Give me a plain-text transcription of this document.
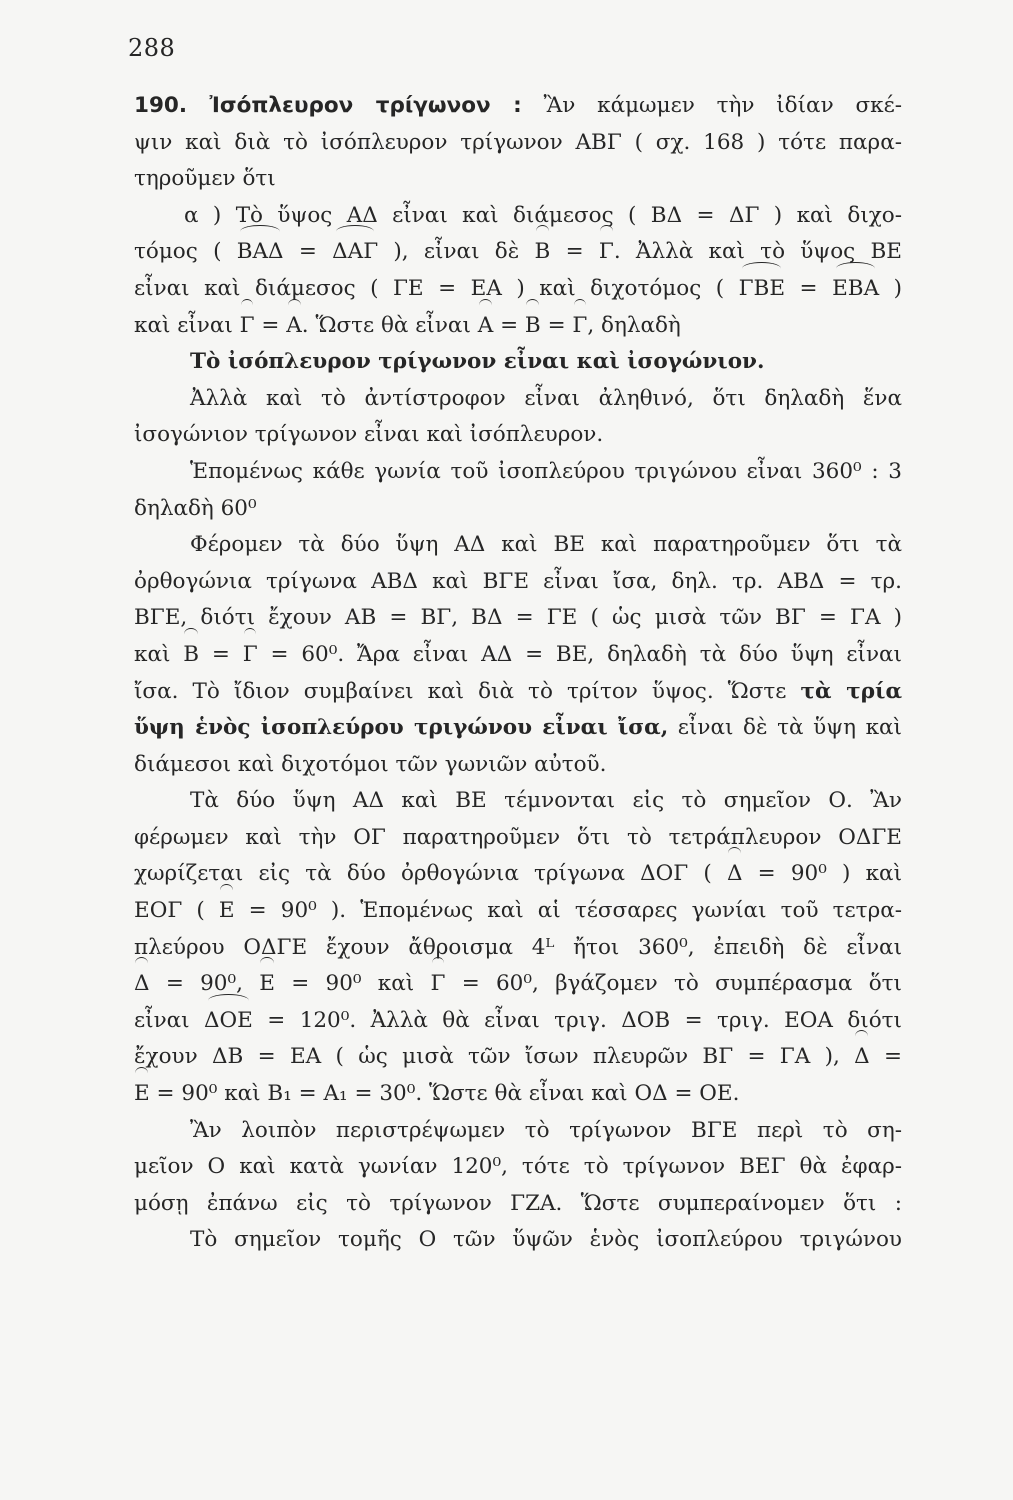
288
190. Ἰσόπλευρον τρίγωνον : Ἂν κάμωμεν τὴν ἰδίαν σκέ-
ψιν καὶ διὰ τὸ ἰσόπλευρον τρίγωνον ΑΒΓ ( σχ. 168 ) τότε παρα-
τηροῦμεν ὅτι
α ) Τὸ ὕψος ΑΔ εἶναι καὶ διάμεσος ( ΒΔ = ΔΓ ) καὶ διχο-
τόμος ( ΒΑΔ = ΔΑΓ ), εἶναι δὲ Β = Γ. Ἀλλὰ καὶ τὸ ὕψος ΒΕ
εἶναι καὶ διάμεσος ( ΓΕ = ΕΑ ) καὶ διχοτόμος ( ΓΒΕ = ΕΒΑ )
καὶ εἶναι Γ = Α. Ὥστε θὰ εἶναι Α = Β = Γ, δηλαδὴ
Τὸ ἰσόπλευρον τρίγωνον εἶναι καὶ ἰσογώνιον.
Ἀλλὰ καὶ τὸ ἀντίστροφον εἶναι ἀληθινό, ὅτι δηλαδὴ ἕνα
ἰσογώνιον τρίγωνον εἶναι καὶ ἰσόπλευρον.
Ἑπομένως κάθε γωνία τοῦ ἰσοπλεύρου τριγώνου εἶναι 360⁰ : 3
δηλαδὴ 60⁰
Φέρομεν τὰ δύο ὕψη ΑΔ καὶ ΒΕ καὶ παρατηροῦμεν ὅτι τὰ
ὀρθογώνια τρίγωνα ΑΒΔ καὶ ΒΓΕ εἶναι ἴσα, δηλ. τρ. ΑΒΔ = τρ.
ΒΓΕ, διότι ἔχουν ΑΒ = ΒΓ, ΒΔ = ΓΕ ( ὡς μισὰ τῶν ΒΓ = ΓΑ )
καὶ Β = Γ = 60⁰. Ἄρα εἶναι ΑΔ = ΒΕ, δηλαδὴ τὰ δύο ὕψη εἶναι
ἴσα. Τὸ ἴδιον συμβαίνει καὶ διὰ τὸ τρίτον ὕψος. Ὥστε τὰ τρία
ὕψη ἑνὸς ἰσοπλεύρου τριγώνου εἶναι ἴσα, εἶναι δὲ τὰ ὕψη καὶ
διάμεσοι καὶ διχοτόμοι τῶν γωνιῶν αὐτοῦ.
Τὰ δύο ὕψη ΑΔ καὶ ΒΕ τέμνονται εἰς τὸ σημεῖον Ο. Ἂν
φέρωμεν καὶ τὴν ΟΓ παρατηροῦμεν ὅτι τὸ τετράπλευρον ΟΔΓΕ
χωρίζεται εἰς τὰ δύο ὀρθογώνια τρίγωνα ΔΟΓ ( Δ = 90⁰ ) καὶ
ΕΟΓ ( Ε = 90⁰ ). Ἑπομένως καὶ αἱ τέσσαρες γωνίαι τοῦ τετρα-
πλεύρου ΟΔΓΕ ἔχουν ἄθροισμα 4ᴸ ἤτοι 360⁰, ἐπειδὴ δὲ εἶναι
Δ = 90⁰, Ε = 90⁰ καὶ Γ = 60⁰, βγάζομεν τὸ συμπέρασμα ὅτι
εἶναι ΔΟΕ = 120⁰. Ἀλλὰ θὰ εἶναι τριγ. ΔΟΒ = τριγ. ΕΟΑ διότι
ἔχουν ΔΒ = ΕΑ ( ὡς μισὰ τῶν ἴσων πλευρῶν ΒΓ = ΓΑ ), Δ =
Ε = 90⁰ καὶ Β₁ = Α₁ = 30⁰. Ὥστε θὰ εἶναι καὶ ΟΔ = ΟΕ.
Ἂν λοιπὸν περιστρέψωμεν τὸ τρίγωνον ΒΓΕ περὶ τὸ ση-
μεῖον Ο καὶ κατὰ γωνίαν 120⁰, τότε τὸ τρίγωνον ΒΕΓ θὰ ἐφαρ-
μόσῃ ἐπάνω εἰς τὸ τρίγωνον ΓΖΑ. Ὥστε συμπεραίνομεν ὅτι :
Τὸ σημεῖον τομῆς Ο τῶν ὕψῶν ἑνὸς ἰσοπλεύρου τριγώνου
